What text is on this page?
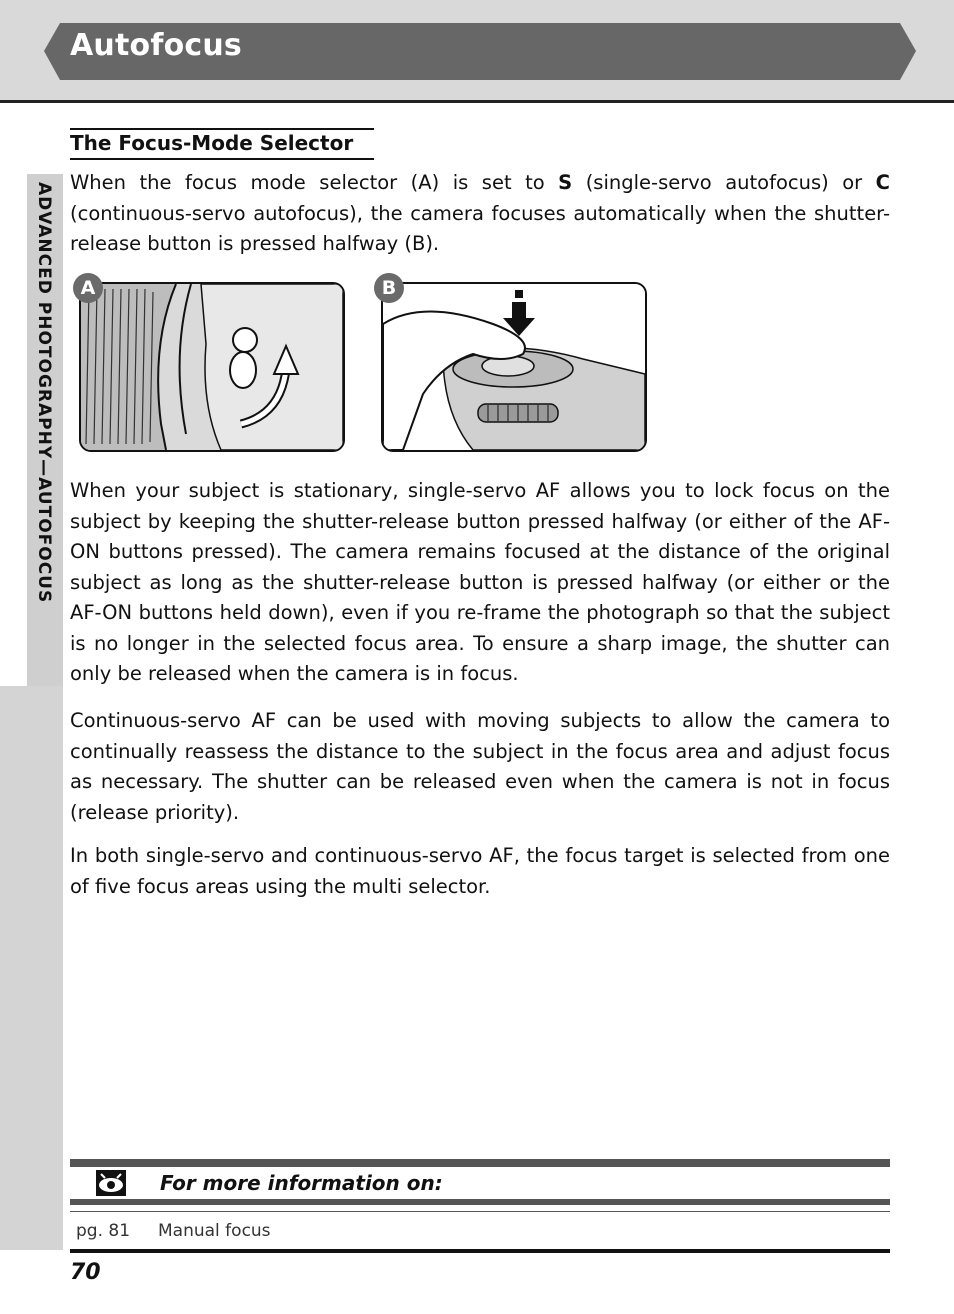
Autofocus
ADVANCED PHOTOGRAPHY—AUTOFOCUS
The Focus-Mode Selector

When the focus mode selector (A) is set to S (single-servo autofocus) or C (continuous-servo autofocus), the camera focuses automatically when the shutter-release button is pressed halfway (B).

A	B

When your subject is stationary, single-servo AF allows you to lock focus on the subject by keeping the shutter-release button pressed halfway (or either of the AF-ON buttons pressed). The camera remains focused at the distance of the original subject as long as the shutter-release button is pressed halfway (or either or the AF-ON buttons held down), even if you re-frame the photograph so that the subject is no longer in the selected focus area. To ensure a sharp image, the shutter can only be released when the camera is in focus.

Continuous-servo AF can be used with moving subjects to allow the camera to continually reassess the distance to the subject in the focus area and adjust focus as necessary. The shutter can be released even when the camera is not in focus (release priority).

In both single-servo and continuous-servo AF, the focus target is selected from one of five focus areas using the multi selector.

For more information on:
pg. 81	Manual focus
70
